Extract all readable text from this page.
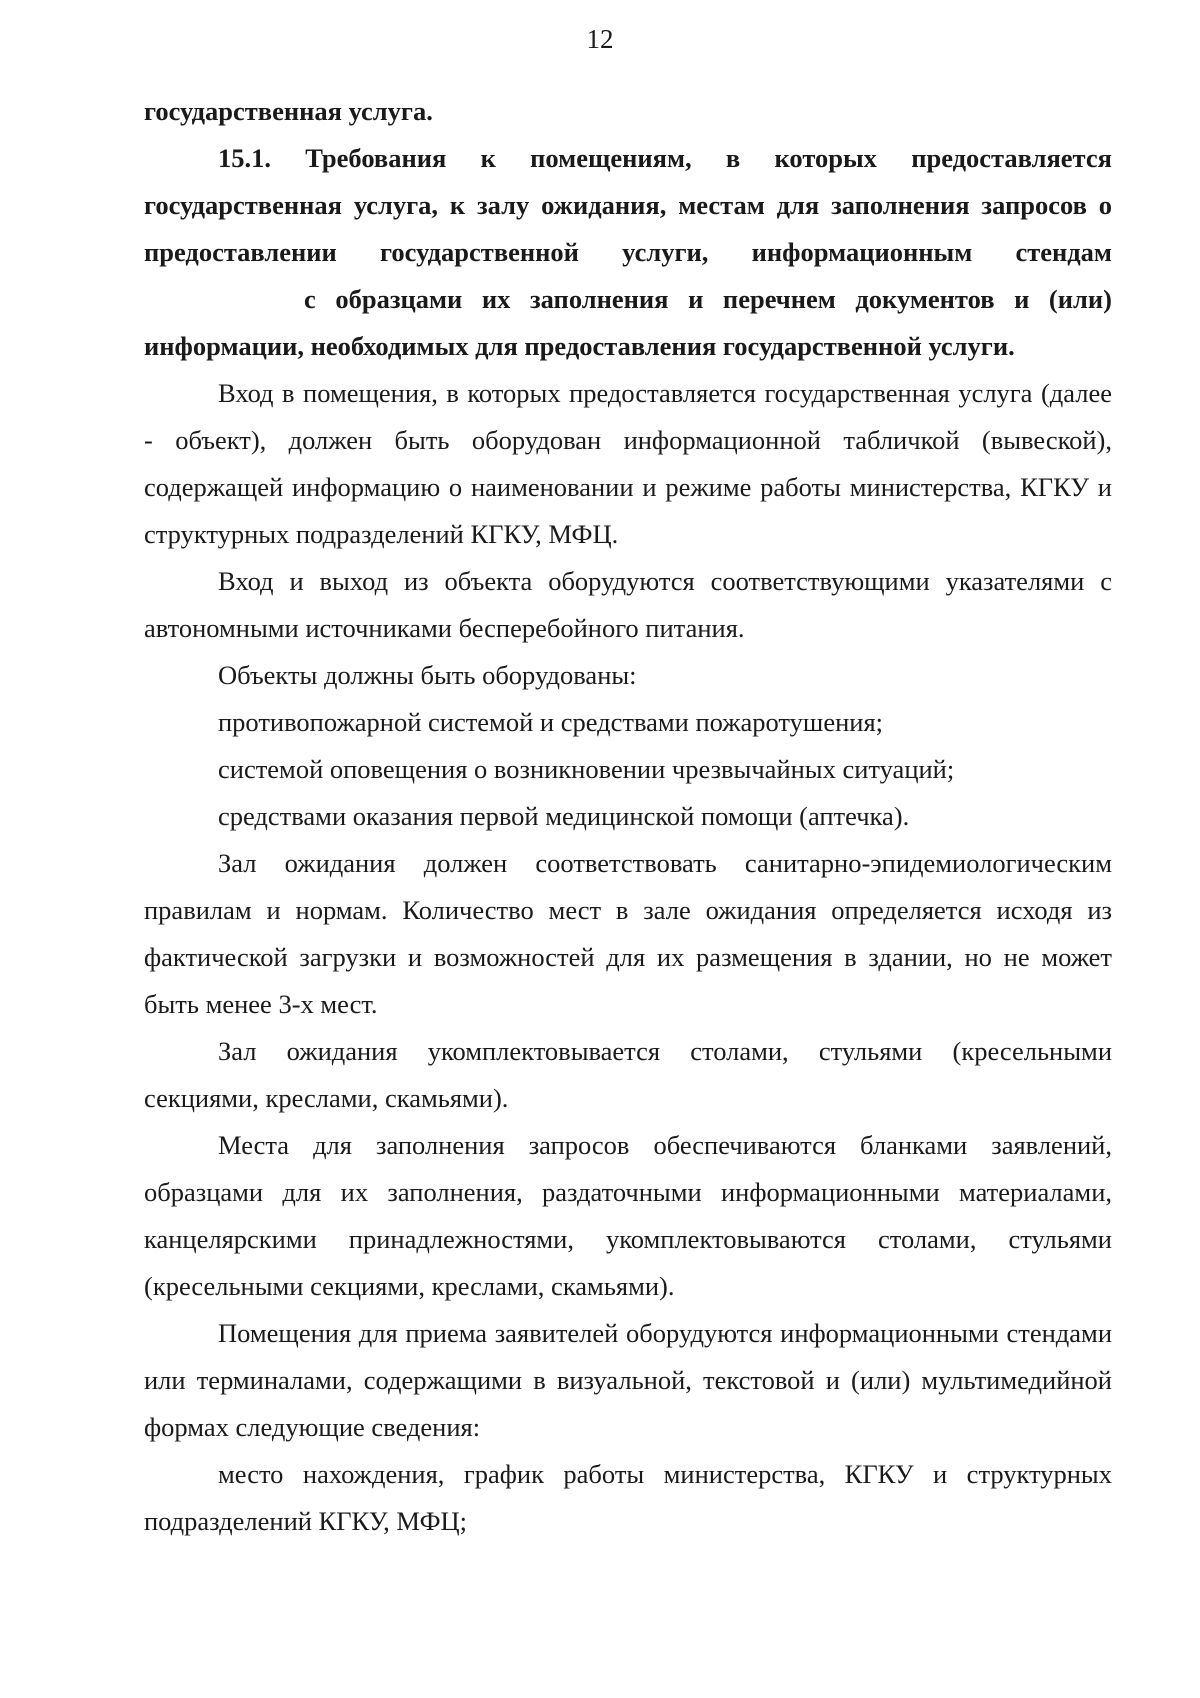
12

государственная услуга.

15.1. Требования к помещениям, в которых предоставляется государственная услуга, к залу ожидания, местам для заполнения запросов о предоставлении государственной услуги, информационным стендамс образцами их заполнения и перечнем документов и (или) информации, необходимых для предоставления государственной услуги.

Вход в помещения, в которых предоставляется государственная услуга (далее - объект), должен быть оборудован информационной табличкой (вывеской), содержащей информацию о наименовании и режиме работы министерства, КГКУ и структурных подразделений КГКУ, МФЦ.

Вход и выход из объекта оборудуются соответствующими указателями с автономными источниками бесперебойного питания.

Объекты должны быть оборудованы:

противопожарной системой и средствами пожаротушения;

системой оповещения о возникновении чрезвычайных ситуаций;

средствами оказания первой медицинской помощи (аптечка).

Зал ожидания должен соответствовать санитарно-эпидемиологическим правилам и нормам. Количество мест в зале ожидания определяется исходя из фактической загрузки и возможностей для их размещения в здании, но не может быть менее 3-х мест.

Зал ожидания укомплектовывается столами, стульями (кресельными секциями, креслами, скамьями).

Места для заполнения запросов обеспечиваются бланками заявлений, образцами для их заполнения, раздаточными информационными материалами, канцелярскими принадлежностями, укомплектовываются столами, стульями (кресельными секциями, креслами, скамьями).

Помещения для приема заявителей оборудуются информационными стендами или терминалами, содержащими в визуальной, текстовой и (или) мультимедийной формах следующие сведения:

место нахождения, график работы министерства, КГКУ и структурных подразделений КГКУ, МФЦ;
